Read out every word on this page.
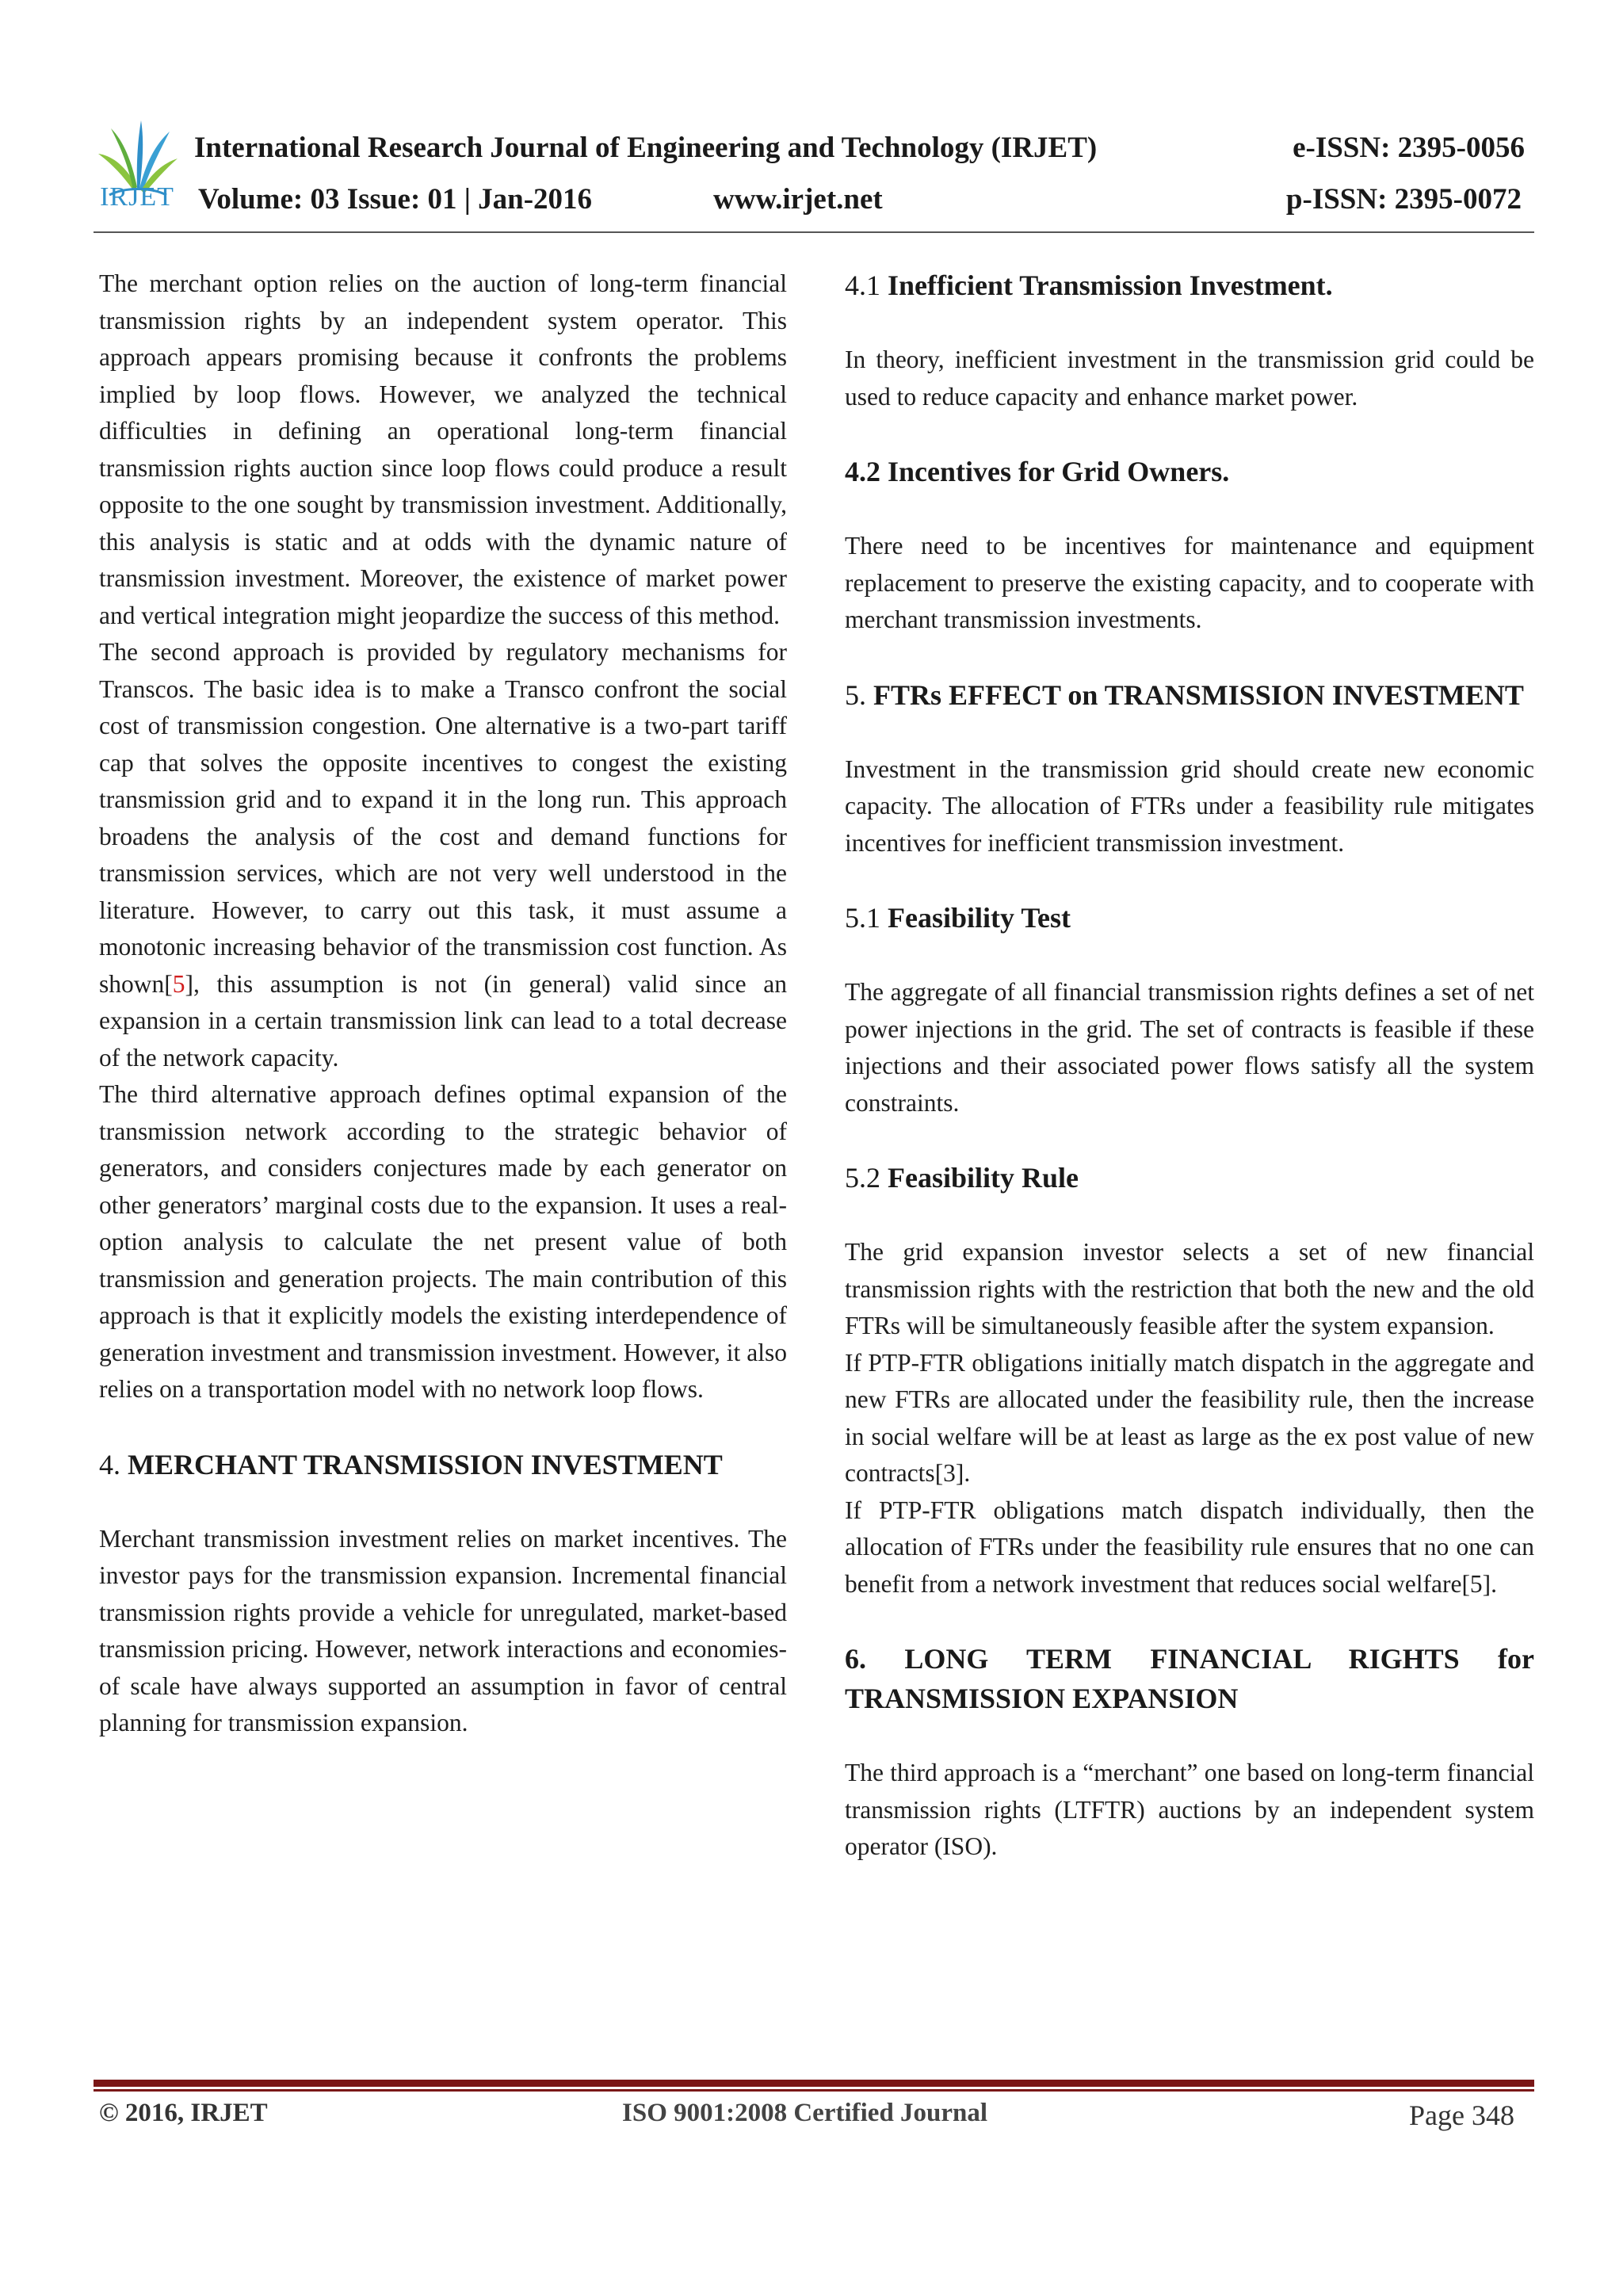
IRJET
International Research Journal of Engineering and Technology (IRJET)	e-ISSN: 2395-0056
Volume: 03 Issue: 01 | Jan-2016	www.irjet.net	p-ISSN: 2395-0072

The merchant option relies on the auction of long-term financial transmission rights by an independent system operator. This approach appears promising because it confronts the problems implied by loop flows. However, we analyzed the technical difficulties in defining an operational long-term financial transmission rights auction since loop flows could produce a result opposite to the one sought by transmission investment. Additionally, this analysis is static and at odds with the dynamic nature of transmission investment. Moreover, the existence of market power and vertical integration might jeopardize the success of this method.

The second approach is provided by regulatory mechanisms for Transcos. The basic idea is to make a Transco confront the social cost of transmission congestion. One alternative is a two-part tariff cap that solves the opposite incentives to congest the existing transmission grid and to expand it in the long run. This approach broadens the analysis of the cost and demand functions for transmission services, which are not very well understood in the literature. However, to carry out this task, it must assume a monotonic increasing behavior of the transmission cost function. As shown[5], this assumption is not (in general) valid since an expansion in a certain transmission link can lead to a total decrease of the network capacity.

The third alternative approach defines optimal expansion of the transmission network according to the strategic behavior of generators, and considers conjectures made by each generator on other generators’ marginal costs due to the expansion. It uses a real-option analysis to calculate the net present value of both transmission and generation projects. The main contribution of this approach is that it explicitly models the existing interdependence of generation investment and transmission investment. However, it also relies on a transportation model with no network loop flows.

4. MERCHANT TRANSMISSION INVESTMENT

Merchant transmission investment relies on market incentives. The investor pays for the transmission expansion. Incremental financial transmission rights provide a vehicle for unregulated, market-based transmission pricing. However, network interactions and economies-of scale have always supported an assumption in favor of central planning for transmission expansion.

4.1 Inefficient Transmission Investment.

In theory, inefficient investment in the transmission grid could be used to reduce capacity and enhance market power.

4.2 Incentives for Grid Owners.

There need to be incentives for maintenance and equipment replacement to preserve the existing capacity, and to cooperate with merchant transmission investments.

5. FTRs EFFECT on TRANSMISSION INVESTMENT

Investment in the transmission grid should create new economic capacity. The allocation of FTRs under a feasibility rule mitigates incentives for inefficient transmission investment.

5.1 Feasibility Test

The aggregate of all financial transmission rights defines a set of net power injections in the grid. The set of contracts is feasible if these injections and their associated power flows satisfy all the system constraints.

5.2 Feasibility Rule

The grid expansion investor selects a set of new financial transmission rights with the restriction that both the new and the old FTRs will be simultaneously feasible after the system expansion.

If PTP-FTR obligations initially match dispatch in the aggregate and new FTRs are allocated under the feasibility rule, then the increase in social welfare will be at least as large as the ex post value of new contracts[3].

If PTP-FTR obligations match dispatch individually, then the allocation of FTRs under the feasibility rule ensures that no one can benefit from a network investment that reduces social welfare[5].

6. LONG TERM FINANCIAL RIGHTS for TRANSMISSION EXPANSION

The third approach is a “merchant” one based on long-term financial transmission rights (LTFTR) auctions by an independent system operator (ISO).

© 2016, IRJET	ISO 9001:2008 Certified Journal	Page 348
